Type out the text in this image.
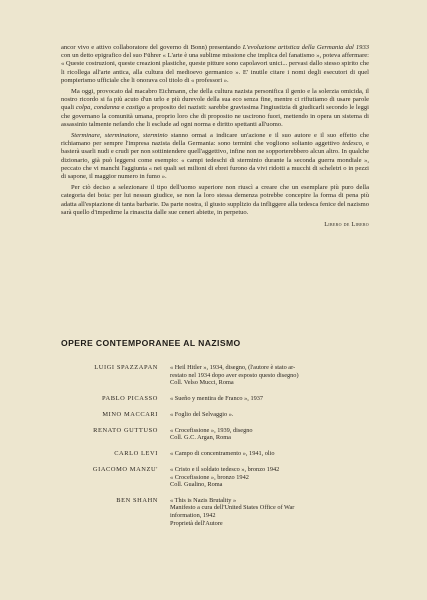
ancor vivo e attivo collaboratore del governo di Bonn) presentando L'evoluzione artistica della Germania dal 1933 con un detto epigrafico del suo Führer « L'arte è una sublime missione che implica del fanatismo », poteva affermare: « Queste costruzioni, queste creazioni plastiche, queste pitture sono capolavori unici... pervasi dallo stesso spirito che li ricollega all'arte antica, alla cultura del medioevo germanico ». E' inutile citare i nomi degli esecutori di quel pompierismo ufficiale che li onorava col titolo di « professori ».

Ma oggi, provocato dal macabro Eichmann, che della cultura nazista personifica il genio e la solerzia omicida, il nostro ricordo si fa più acuto d'un urlo e più durevole della sua eco senza fine, mentre ci rifiutiamo di usare parole quali colpa, condanna e castigo a proposito dei nazisti: sarebbe gravissima l'ingiustizia di giudicarli secondo le leggi che governano la comunità umana, proprio loro che di proposito ne uscirono fuori, mettendo in opera un sistema di assassinio talmente nefando che li esclude ad ogni norma e diritto spettanti all'uomo.

Sterminare, sterminatore, sterminio stanno ormai a indicare un'azione e il suo autore e il suo effetto che richiamano per sempre l'impresa nazista della Germania: sono termini che vogliono soltanto aggettivo tedesco, e basterà usarli nudi e crudi per non sottintendere quell'aggettivo, infine non ne sopporterebbero alcun altro. In qualche dizionario, già può leggersi come esempio: « campi tedeschi di sterminio durante la seconda guerra mondiale », peccato che vi manchi l'aggiunta « nei quali sei milioni di ebrei furono da vivi ridotti a mucchi di scheletri o in pezzi di sapone, il maggior numero in fumo ».

Per ciò deciso a selezionare il tipo dell'uomo superiore non riuscì a creare che un esemplare più puro della categoria dei boia: per lui nessun giudice, se non la loro stessa demenza potrebbe concepire la forma di pena più adatta all'espiazione di tanta barbarie. Da parte nostra, il giusto supplizio da infliggere alla tedesca fenice del nazismo sarà quello d'impedirne la rinascita dalle sue ceneri abiette, in perpetuo.

Libero de Libero
OPERE CONTEMPORANEE AL NAZISMO
LUIGI SPAZZAPAN	« Heil Hitler », 1934, disegno, (l'autore è stato ar-
restato nel 1934 dopo aver esposto questo disegno)
Coll. Velso Mucci, Roma
PABLO PICASSO	« Sueño y mentira de Franco », 1937
MINO MACCARI	« Foglio del Selvaggio ».
RENATO GUTTUSO	« Crocefissione », 1939, disegno
Coll. G.C. Argan, Roma
CARLO LEVI	« Campo di concentramento », 1941, olio
GIACOMO MANZU'	« Cristo e il soldato tedesco », bronzo 1942
« Crocefissione », bronzo 1942
Coll. Gualino, Roma
BEN SHAHN	« This is Nazis Brutality »
Manifesto a cura dell'United States Office of War
information, 1942
Proprietà dell'Autore
